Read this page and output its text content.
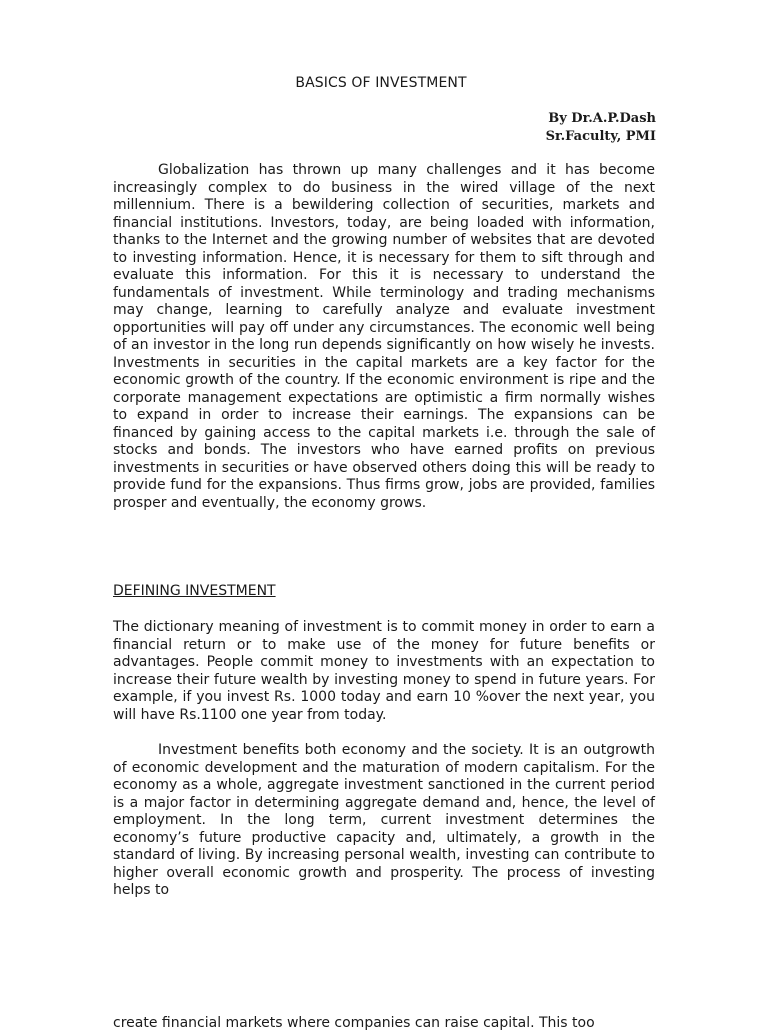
BASICS OF INVESTMENT
By Dr.A.P.Dash
Sr.Faculty, PMI

Globalization has thrown up many challenges and it has become increasingly complex to do business in the wired village of the next millennium. There is a bewildering collection of securities, markets and financial institutions. Investors, today, are being loaded with information, thanks to the Internet and the growing number of websites that are devoted to investing information. Hence, it is necessary for them to sift through and evaluate this information. For this it is necessary to understand the fundamentals of investment. While terminology and trading mechanisms may change, learning to carefully analyze and evaluate investment opportunities will pay off under any circumstances. The economic well being of an investor in the long run depends significantly on how wisely he invests. Investments in securities in the capital markets are a key factor for the economic growth of the country. If the economic environment is ripe and the corporate management expectations are optimistic a firm normally wishes to expand in order to increase their earnings. The expansions can be financed by gaining access to the capital markets i.e. through the sale of stocks and bonds. The investors who have earned profits on previous investments in securities or have observed others doing this will be ready to provide fund for the expansions. Thus firms grow, jobs are provided, families prosper and eventually, the economy grows.

DEFINING INVESTMENT

The dictionary meaning of investment is to commit money in order to earn a financial return or to make use of the money for future benefits or advantages. People commit money to investments with an expectation to increase their future wealth by investing money to spend in future years. For example, if you invest Rs. 1000 today and earn 10 %over the next year, you will have Rs.1100 one year from today.

Investment benefits both economy and the society. It is an outgrowth of economic development and the maturation of modern capitalism. For the economy as a whole, aggregate investment sanctioned in the current period is a major factor in determining aggregate demand and, hence, the level of employment. In the long term, current investment determines the economy’s future productive capacity and, ultimately, a growth in the standard of living. By increasing personal wealth, investing can contribute to higher overall economic growth and prosperity. The process of investing helps to

create financial markets where companies can raise capital. This too
